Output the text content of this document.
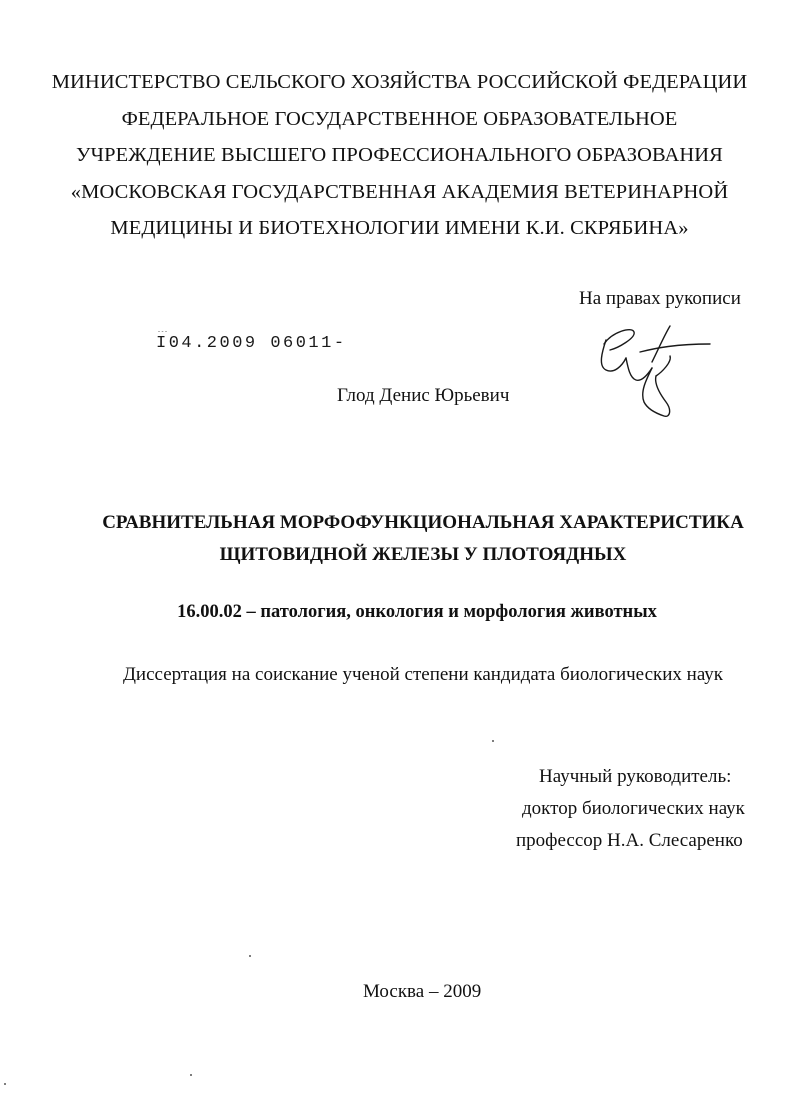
МИНИСТЕРСТВО СЕЛЬСКОГО ХОЗЯЙСТВА РОССИЙСКОЙ ФЕДЕРАЦИИ
ФЕДЕРАЛЬНОЕ ГОСУДАРСТВЕННОЕ ОБРАЗОВАТЕЛЬНОЕ
УЧРЕЖДЕНИЕ ВЫСШЕГО ПРОФЕССИОНАЛЬНОГО ОБРАЗОВАНИЯ
«МОСКОВСКАЯ ГОСУДАРСТВЕННАЯ АКАДЕМИЯ ВЕТЕРИНАРНОЙ
МЕДИЦИНЫ И БИОТЕХНОЛОГИИ ИМЕНИ К.И. СКРЯБИНА»
На правах рукописи
- - -
I04.2009 06011-
Глод Денис Юрьевич
СРАВНИТЕЛЬНАЯ МОРФОФУНКЦИОНАЛЬНАЯ ХАРАКТЕРИСТИКА
ЩИТОВИДНОЙ ЖЕЛЕЗЫ У ПЛОТОЯДНЫХ
16.00.02 – патология, онкология и морфология животных
Диссертация на соискание ученой степени кандидата биологических наук
Научный руководитель:
доктор биологических наук
профессор Н.А. Слесаренко
Москва – 2009
